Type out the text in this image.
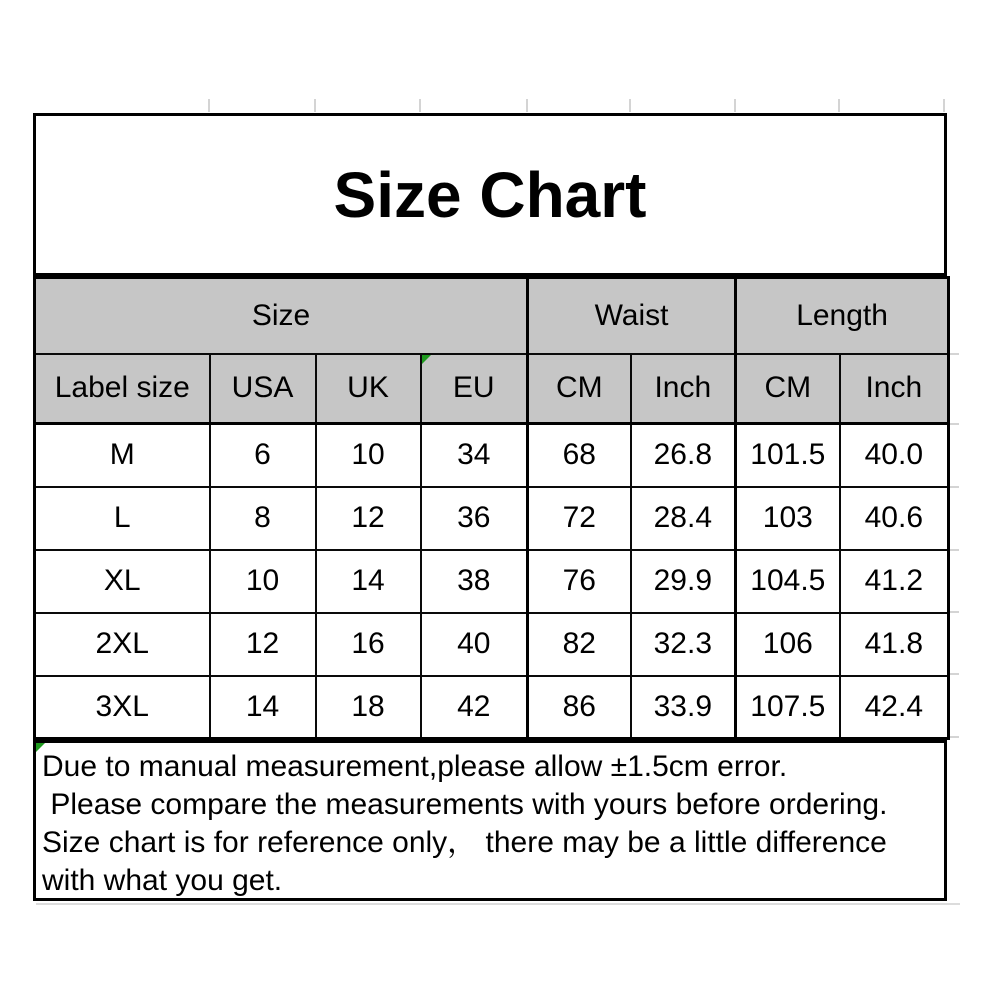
Size Chart
Size				Waist		Length	
Label size	USA	UK	EU	CM	Inch	CM	Inch
M	6	10	34	68	26.8	101.5	40.0
L	8	12	36	72	28.4	103	40.6
XL	10	14	38	76	29.9	104.5	41.2
2XL	12	16	40	82	32.3	106	41.8
3XL	14	18	42	86	33.9	107.5	42.4
Due to manual measurement,please allow ±1.5cm error.
Please compare the measurements with yours before ordering.
Size chart is for reference only， there may be a little difference
with what you get.
